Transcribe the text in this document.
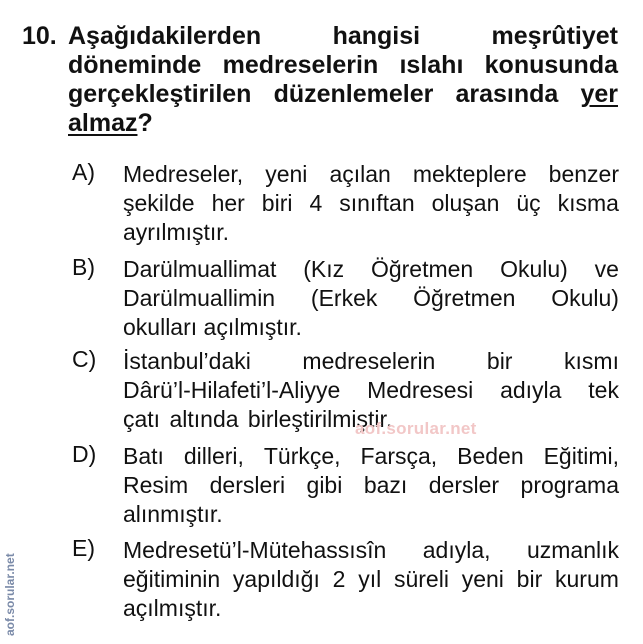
10. Aşağıdakilerden	hangisi	meşrûtiyet
döneminde medreselerin ıslahı konusunda
gerçekleştirilen düzenlemeler arasında yer
almaz?
A) Medreseler, yeni açılan mekteplere benzer
şekilde her biri 4 sınıftan oluşan üç kısma
ayrılmıştır.
B) Darülmuallimat (Kız Öğretmen Okulu) ve
Darülmuallimin (Erkek Öğretmen Okulu)
okulları açılmıştır.
C) İstanbul’daki medreselerin bir kısmı
Dârü’l-Hilafeti’l-Aliyye Medresesi adıyla tek
çatı altında birleştirilmiştir.
aof.sorular.net
D) Batı dilleri, Türkçe, Farsça, Beden Eğitimi,
Resim dersleri gibi bazı dersler programa
alınmıştır.
E) Medresetü’l-Mütehassısîn adıyla, uzmanlık
eğitiminin yapıldığı 2 yıl süreli yeni bir kurum
açılmıştır.
aof.sorular.net
